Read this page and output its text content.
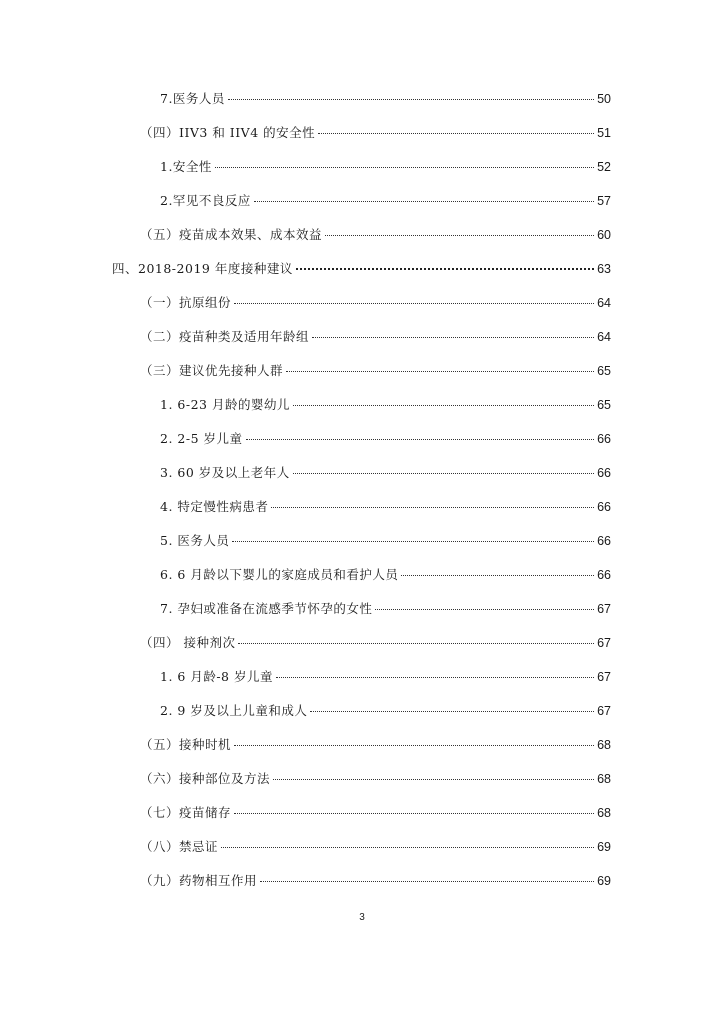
7.医务人员	50
（四）IIV3 和 IIV4 的安全性	51
1.安全性	52
2.罕见不良反应	57
（五）疫苗成本效果、成本效益	60
四、2018-2019 年度接种建议	63
（一）抗原组份	64
（二）疫苗种类及适用年龄组	64
（三）建议优先接种人群	65
1. 6-23 月龄的婴幼儿	65
2. 2-5 岁儿童	66
3. 60 岁及以上老年人	66
4. 特定慢性病患者	66
5. 医务人员	66
6. 6 月龄以下婴儿的家庭成员和看护人员	66
7. 孕妇或准备在流感季节怀孕的女性	67
（四） 接种剂次	67
1. 6 月龄-8 岁儿童	67
2. 9 岁及以上儿童和成人	67
（五）接种时机	68
（六）接种部位及方法	68
（七）疫苗储存	68
（八）禁忌证	69
（九）药物相互作用	69
3
